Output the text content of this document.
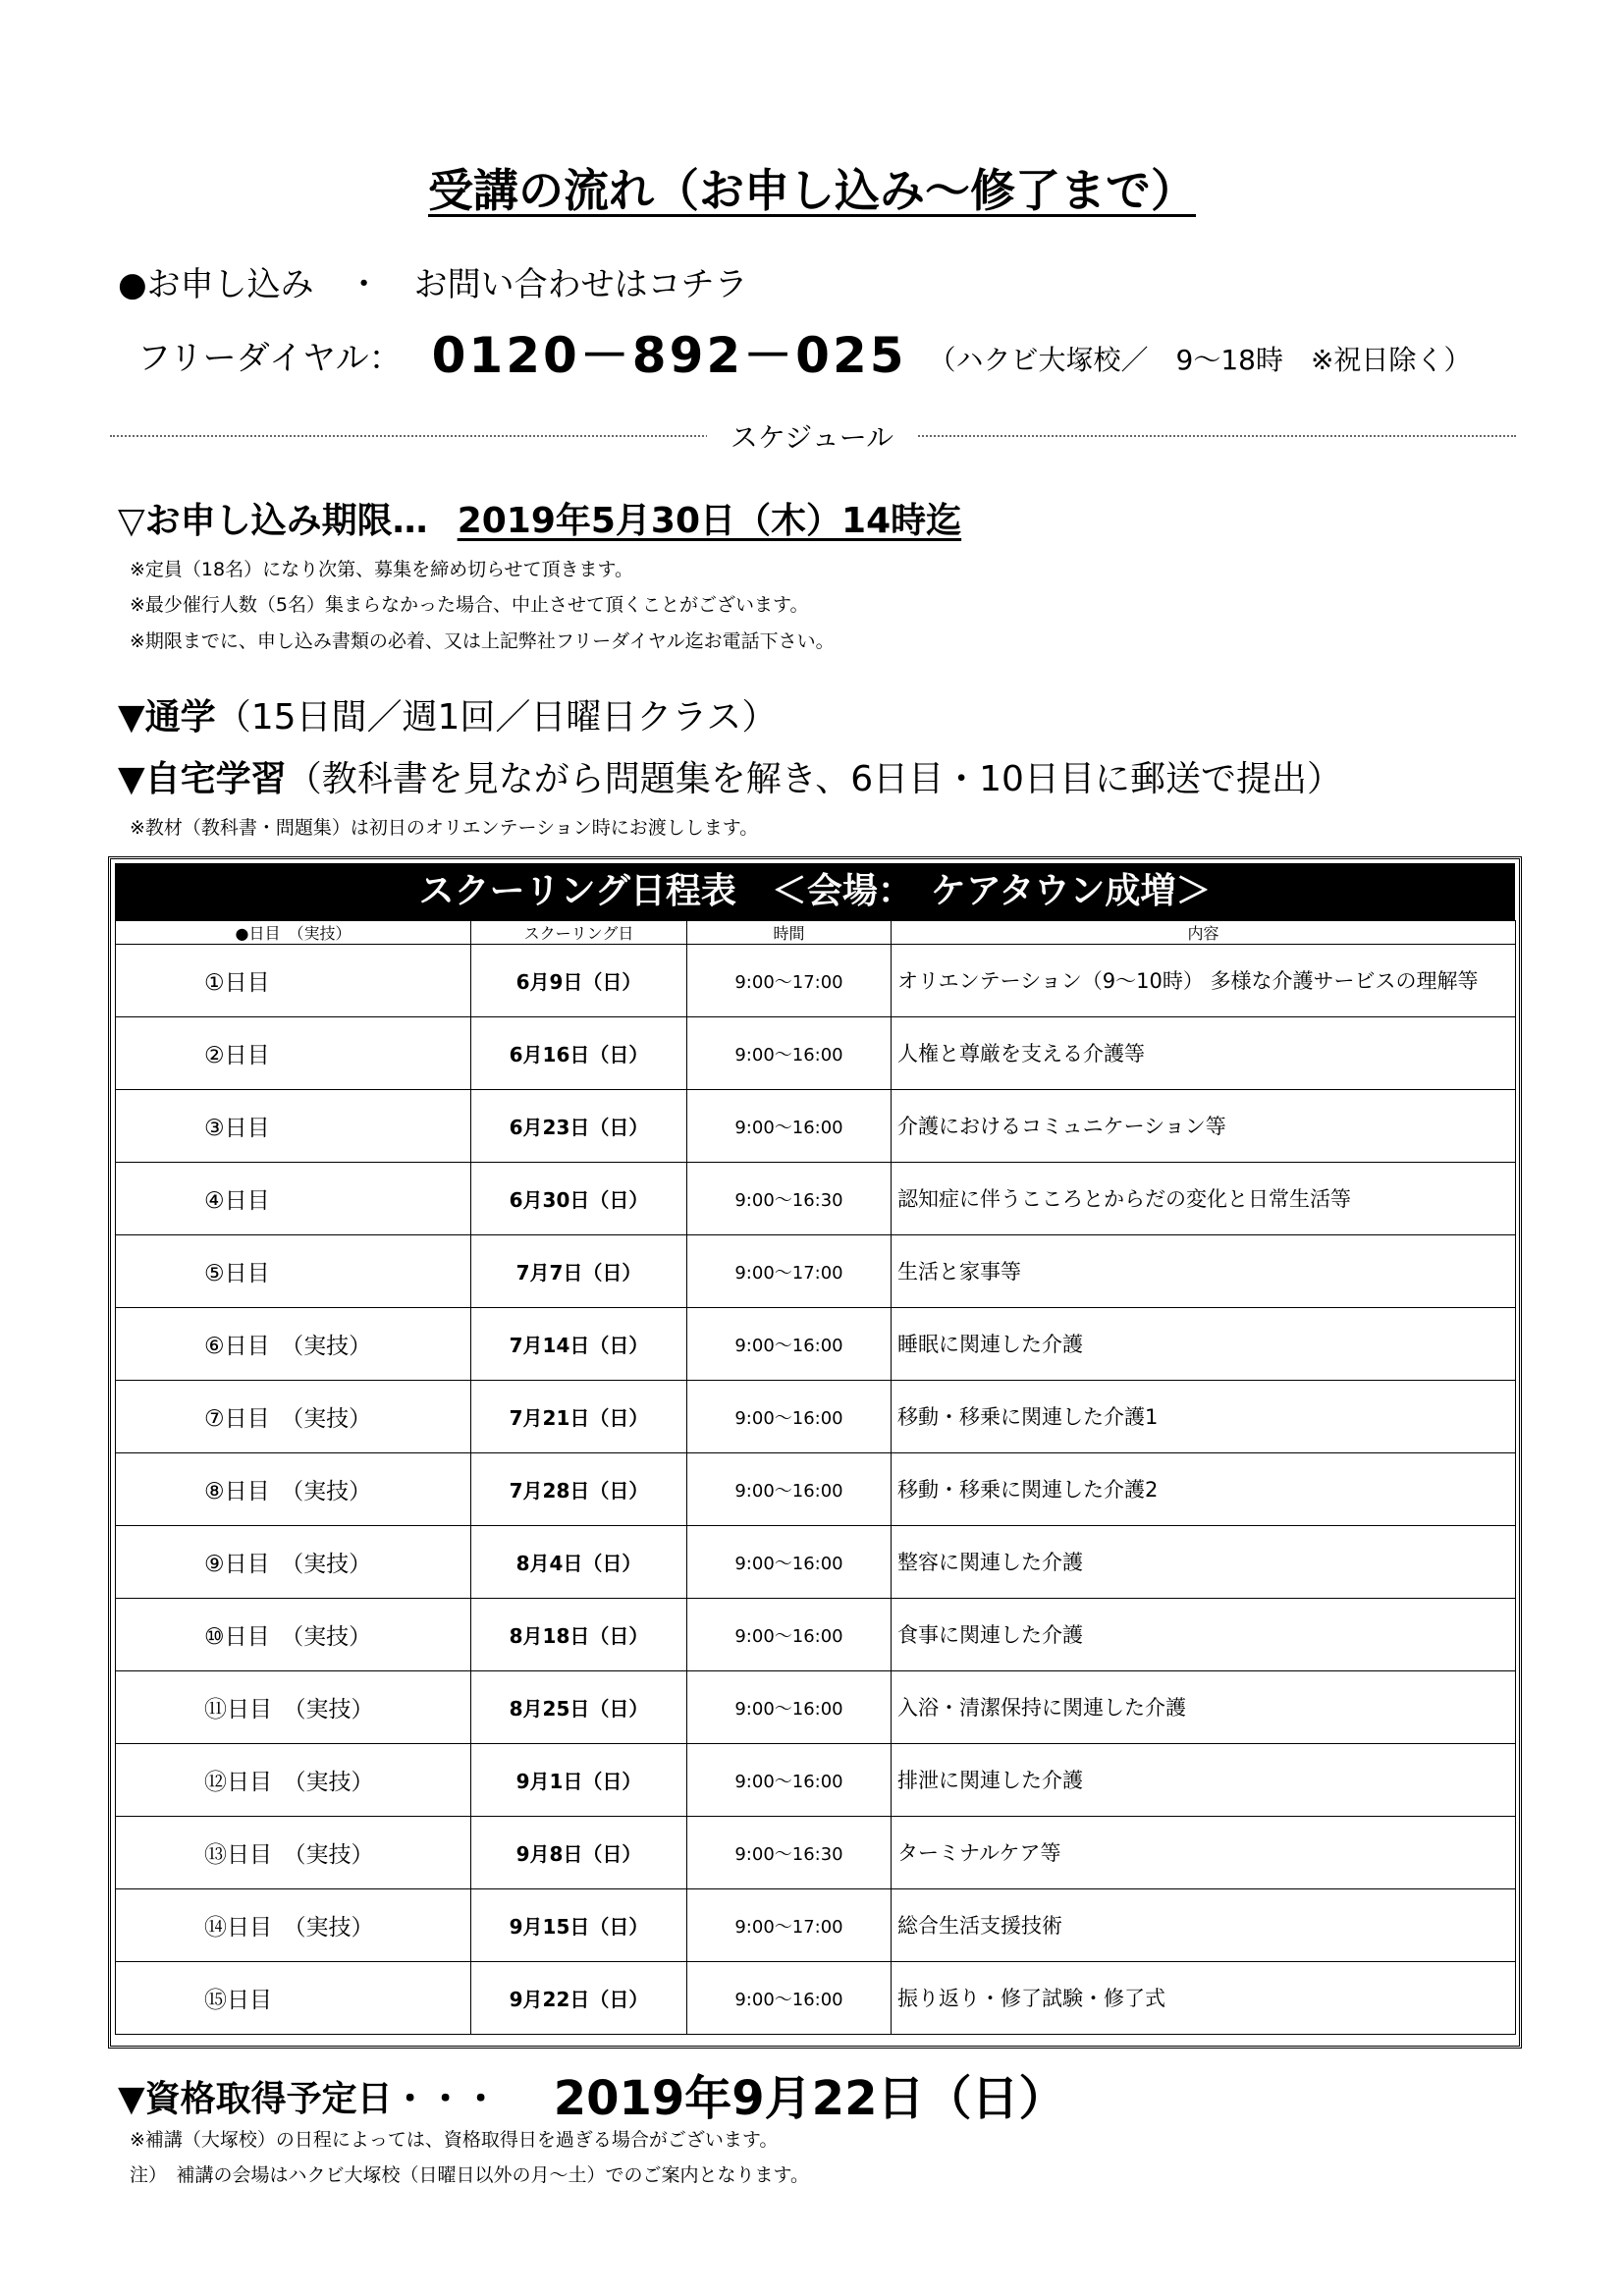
受講の流れ（お申し込み～修了まで）
●お申し込み　・　お問い合わせはコチラ
フリーダイヤル： 0120－892－025 （ハクビ大塚校／　9～18時　※祝日除く）
スケジュール
▽お申し込み期限… 2019年5月30日（木）14時迄
※定員（18名）になり次第、募集を締め切らせて頂きます。
※最少催行人数（5名）集まらなかった場合、中止させて頂くことがございます。
※期限までに、申し込み書類の必着、又は上記弊社フリーダイヤル迄お電話下さい。
▼通学（15日間／週1回／日曜日クラス）
▼自宅学習（教科書を見ながら問題集を解き、6日目・10日目に郵送で提出）
※教材（教科書・問題集）は初日のオリエンテーション時にお渡しします。
スクーリング日程表 ＜会場：　ケアタウン成増＞
●日目　（実技）	スクーリング日	時間	内容
①日目	6月9日（日）	9:00～17:00	オリエンテーション（9～10時） 多様な介護サービスの理解等
②日目	6月16日（日）	9:00～16:00	人権と尊厳を支える介護等
③日目	6月23日（日）	9:00～16:00	介護におけるコミュニケーション等
④日目	6月30日（日）	9:00～16:30	認知症に伴うこころとからだの変化と日常生活等
⑤日目	7月7日（日）	9:00～17:00	生活と家事等
⑥日目　（実技）	7月14日（日）	9:00～16:00	睡眠に関連した介護
⑦日目　（実技）	7月21日（日）	9:00～16:00	移動・移乗に関連した介護1
⑧日目　（実技）	7月28日（日）	9:00～16:00	移動・移乗に関連した介護2
⑨日目　（実技）	8月4日（日）	9:00～16:00	整容に関連した介護
⑩日目　（実技）	8月18日（日）	9:00～16:00	食事に関連した介護
⑪日目　（実技）	8月25日（日）	9:00～16:00	入浴・清潔保持に関連した介護
⑫日目　（実技）	9月1日（日）	9:00～16:00	排泄に関連した介護
⑬日目　（実技）	9月8日（日）	9:00～16:30	ターミナルケア等
⑭日目　（実技）	9月15日（日）	9:00～17:00	総合生活支援技術
⑮日目	9月22日（日）	9:00～16:00	振り返り・修了試験・修了式
▼資格取得予定日・・・ 2019年9月22日（日）
※補講（大塚校）の日程によっては、資格取得日を過ぎる場合がございます。
注）　補講の会場はハクビ大塚校（日曜日以外の月～土）でのご案内となります。
